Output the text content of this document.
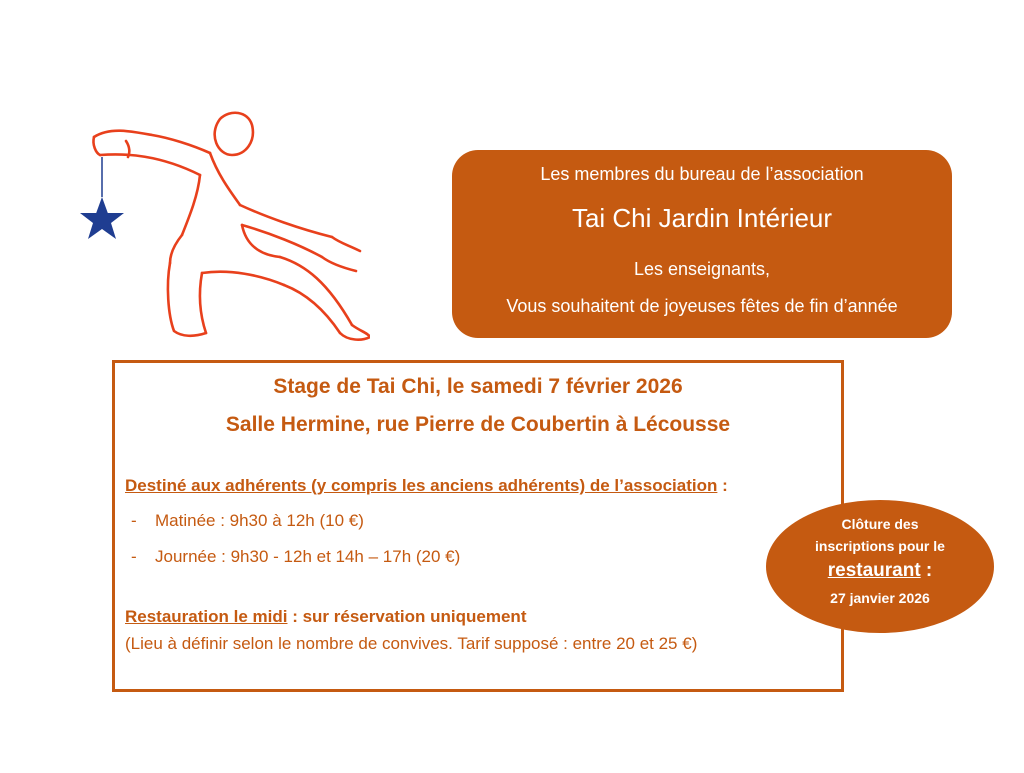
Les membres du bureau de l’association
Tai Chi Jardin Intérieur
Les enseignants,
Vous souhaitent de joyeuses fêtes de fin d’année
Stage de Tai Chi, le samedi 7 février 2026
Salle Hermine, rue Pierre de Coubertin à Lécousse
Destiné aux adhérents (y compris les anciens adhérents) de l’association :
- Matinée : 9h30 à 12h (10 €)
- Journée : 9h30 - 12h et 14h – 17h (20 €)
Restauration le midi : sur réservation uniquement
(Lieu à définir selon le nombre de convives. Tarif supposé : entre 20 et 25 €)
Clôture des
inscriptions pour le
restaurant :
27 janvier 2026
